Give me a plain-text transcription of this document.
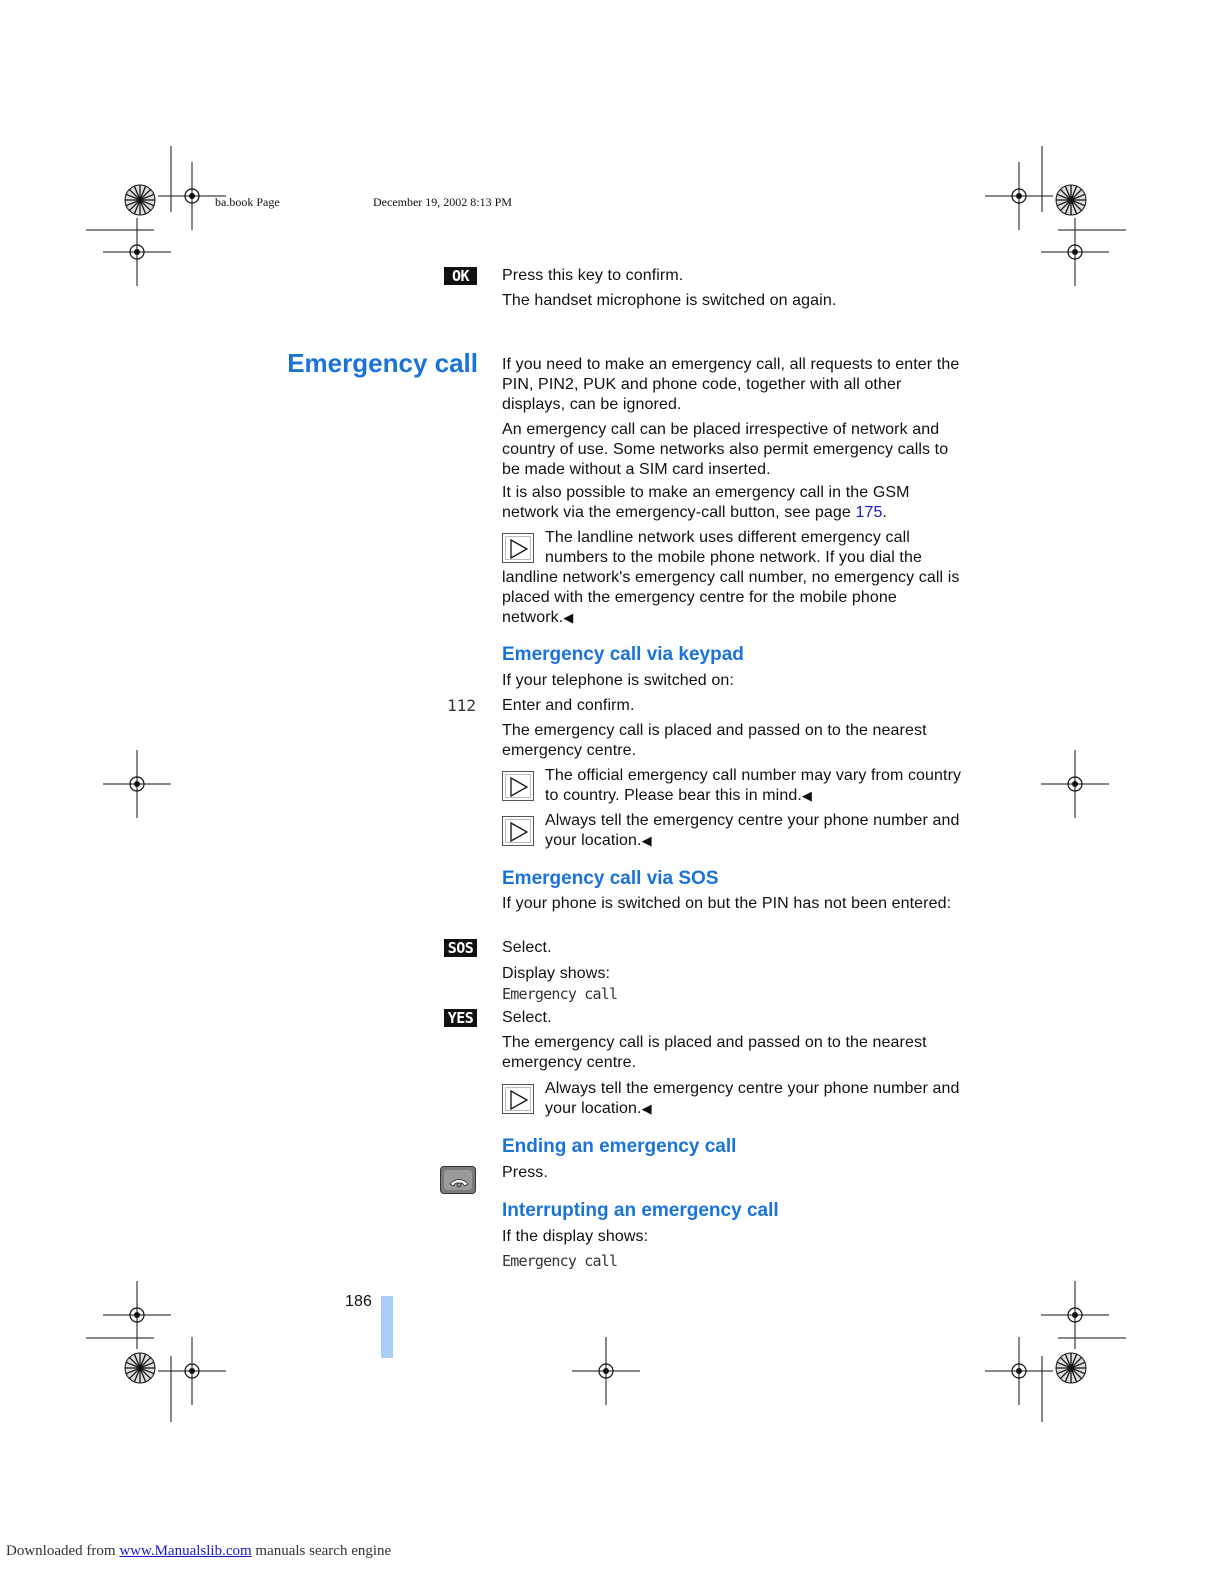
ba.book Page	December 19, 2002 8:13 PM
OK	Press this key to confirm.
The handset microphone is switched on again.
Emergency call If you need to make an emergency call, all requests to enter the PIN, PIN2, PUK and phone code, together with all other displays, can be ignored.
An emergency call can be placed irrespective of network and country of use. Some networks also permit emergency calls to be made without a SIM card inserted.
It is also possible to make an emergency call in the GSM network via the emergency-call button, see page 175.
The landline network uses different emergency call numbers to the mobile phone network. If you dial the
landline network's emergency call number, no emergency call is placed with the emergency centre for the mobile phone network.◀
Emergency call via keypad
If your telephone is switched on:
112 Enter and confirm.
The emergency call is placed and passed on to the nearest emergency centre.
The official emergency call number may vary from country to country. Please bear this in mind.◀
Always tell the emergency centre your phone number and your location.◀
Emergency call via SOS
If your phone is switched on but the PIN has not been entered:
SOS Select.
Display shows:
Emergency call
YES Select.
The emergency call is placed and passed on to the nearest emergency centre.
Always tell the emergency centre your phone number and your location.◀
Ending an emergency call
Press.
Interrupting an emergency call
If the display shows:
Emergency call
186
Downloaded from www.Manualslib.com manuals search engine
